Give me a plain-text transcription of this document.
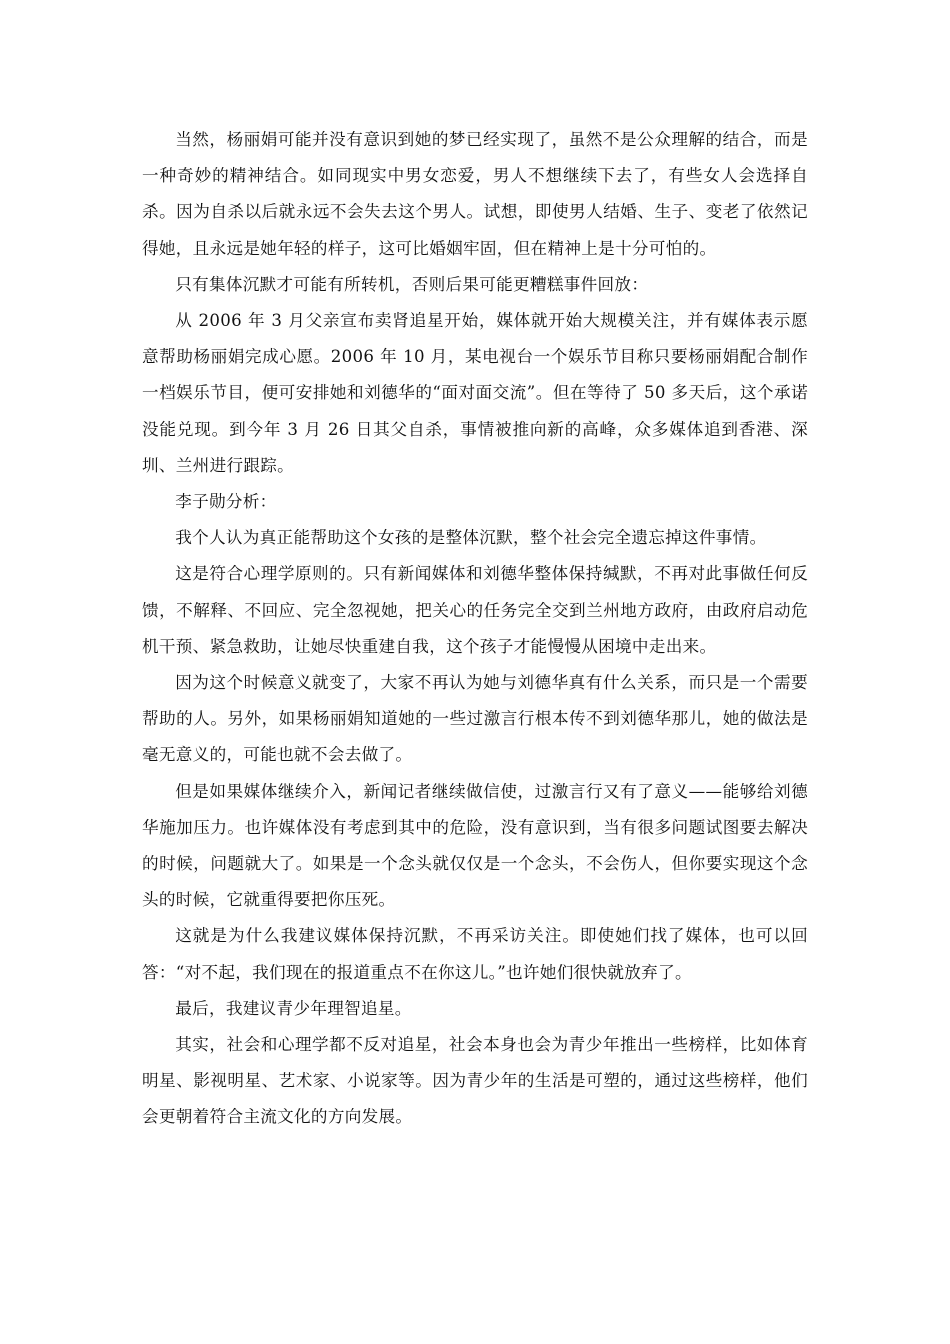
当然，杨丽娟可能并没有意识到她的梦已经实现了，虽然不是公众理解的结合，而是一种奇妙的精神结合。如同现实中男女恋爱，男人不想继续下去了，有些女人会选择自杀。因为自杀以后就永远不会失去这个男人。试想，即使男人结婚、生子、变老了依然记得她，且永远是她年轻的样子，这可比婚姻牢固，但在精神上是十分可怕的。

只有集体沉默才可能有所转机，否则后果可能更糟糕事件回放：

从 2006 年 3 月父亲宣布卖肾追星开始，媒体就开始大规模关注，并有媒体表示愿意帮助杨丽娟完成心愿。2006 年 10 月，某电视台一个娱乐节目称只要杨丽娟配合制作一档娱乐节目，便可安排她和刘德华的“面对面交流”。但在等待了 50 多天后，这个承诺没能兑现。到今年 3 月 26 日其父自杀，事情被推向新的高峰，众多媒体追到香港、深圳、兰州进行跟踪。

李子勋分析：

我个人认为真正能帮助这个女孩的是整体沉默，整个社会完全遗忘掉这件事情。

这是符合心理学原则的。只有新闻媒体和刘德华整体保持缄默，不再对此事做任何反馈，不解释、不回应、完全忽视她，把关心的任务完全交到兰州地方政府，由政府启动危机干预、紧急救助，让她尽快重建自我，这个孩子才能慢慢从困境中走出来。

因为这个时候意义就变了，大家不再认为她与刘德华真有什么关系，而只是一个需要帮助的人。另外，如果杨丽娟知道她的一些过激言行根本传不到刘德华那儿，她的做法是毫无意义的，可能也就不会去做了。

但是如果媒体继续介入，新闻记者继续做信使，过激言行又有了意义——能够给刘德华施加压力。也许媒体没有考虑到其中的危险，没有意识到，当有很多问题试图要去解决的时候，问题就大了。如果是一个念头就仅仅是一个念头，不会伤人，但你要实现这个念头的时候，它就重得要把你压死。

这就是为什么我建议媒体保持沉默，不再采访关注。即使她们找了媒体，也可以回答：“对不起，我们现在的报道重点不在你这儿。”也许她们很快就放弃了。

最后，我建议青少年理智追星。

其实，社会和心理学都不反对追星，社会本身也会为青少年推出一些榜样，比如体育明星、影视明星、艺术家、小说家等。因为青少年的生活是可塑的，通过这些榜样，他们会更朝着符合主流文化的方向发展。
